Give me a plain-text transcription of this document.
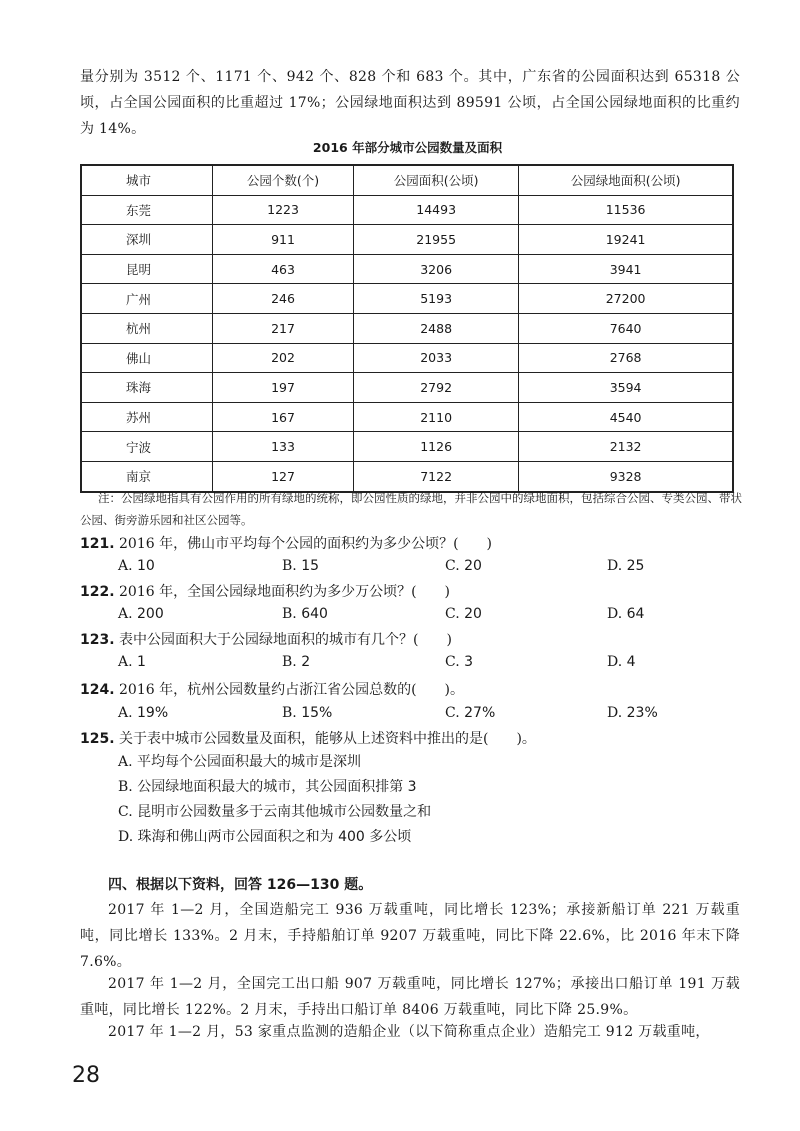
量分别为 3512 个、1171 个、942 个、828 个和 683 个。其中，广东省的公园面积达到 65318 公顷，占全国公园面积的比重超过 17%；公园绿地面积达到 89591 公顷，占全国公园绿地面积的比重约为 14%。

2016 年部分城市公园数量及面积
城市	公园个数(个)	公园面积(公顷)	公园绿地面积(公顷)
东莞	1223	14493	11536
深圳	911	21955	19241
昆明	463	3206	3941
广州	246	5193	27200
杭州	217	2488	7640
佛山	202	2033	2768
珠海	197	2792	3594
苏州	167	2110	4540
宁波	133	1126	2132
南京	127	7122	9328

注：公园绿地指具有公园作用的所有绿地的统称，即公园性质的绿地，并非公园中的绿地面积，包括综合公园、专类公园、带状公园、街旁游乐园和社区公园等。

121. 2016 年，佛山市平均每个公园的面积约为多少公顷？(　　)
A. 10	B. 15	C. 20	D. 25
122. 2016 年，全国公园绿地面积约为多少万公顷？(　　)
A. 200	B. 640	C. 20	D. 64
123. 表中公园面积大于公园绿地面积的城市有几个？(　　)
A. 1	B. 2	C. 3	D. 4
124. 2016 年，杭州公园数量约占浙江省公园总数的(　　)。
A. 19%	B. 15%	C. 27%	D. 23%
125. 关于表中城市公园数量及面积，能够从上述资料中推出的是(　　)。
A. 平均每个公园面积最大的城市是深圳
B. 公园绿地面积最大的城市，其公园面积排第 3
C. 昆明市公园数量多于云南其他城市公园数量之和
D. 珠海和佛山两市公园面积之和为 400 多公顷
四、根据以下资料，回答 126—130 题。

2017 年 1—2 月，全国造船完工 936 万载重吨，同比增长 123%；承接新船订单 221 万载重吨，同比增长 133%。2 月末，手持船舶订单 9207 万载重吨，同比下降 22.6%，比 2016 年末下降 7.6%。

2017 年 1—2 月，全国完工出口船 907 万载重吨，同比增长 127%；承接出口船订单 191 万载重吨，同比增长 122%。2 月末，手持出口船订单 8406 万载重吨，同比下降 25.9%。

2017 年 1—2 月，53 家重点监测的造船企业（以下简称重点企业）造船完工 912 万载重吨，

28
